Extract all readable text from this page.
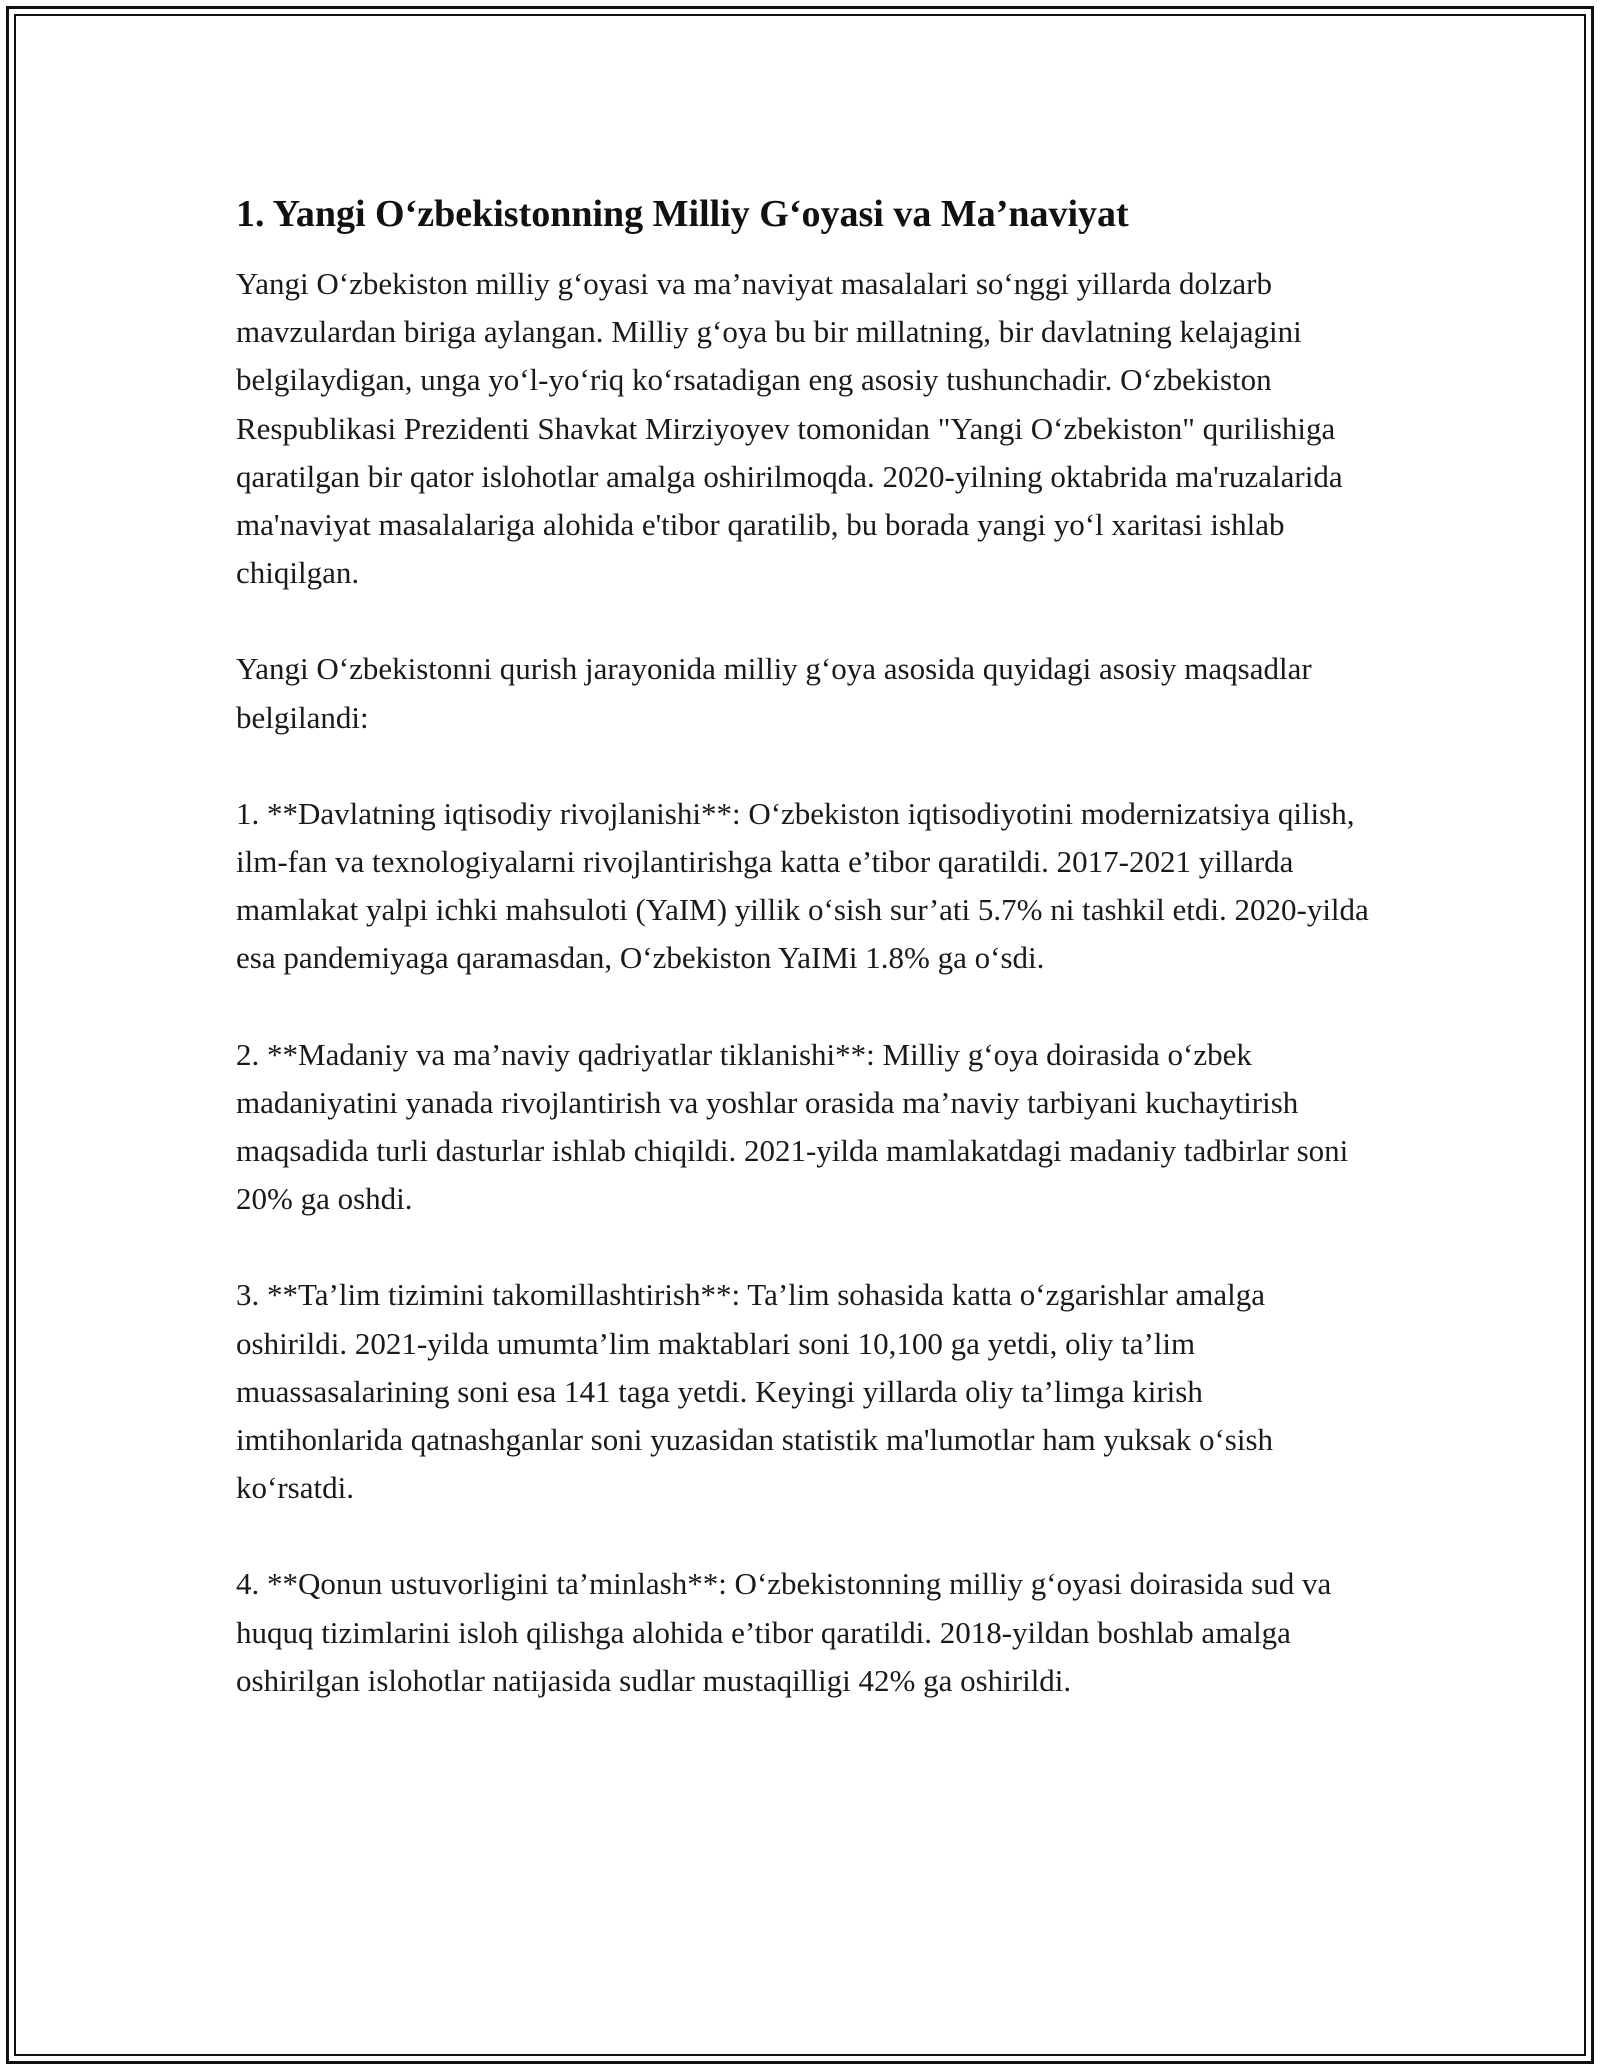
1. Yangi O‘zbekistonning Milliy G‘oyasi va Ma’naviyat

Yangi O‘zbekiston milliy g‘oyasi va ma’naviyat masalalari so‘nggi yillarda dolzarb mavzulardan biriga aylangan. Milliy g‘oya bu bir millatning, bir davlatning kelajagini belgilaydigan, unga yo‘l-yo‘riq ko‘rsatadigan eng asosiy tushunchadir. O‘zbekiston Respublikasi Prezidenti Shavkat Mirziyoyev tomonidan "Yangi O‘zbekiston" qurilishiga qaratilgan bir qator islohotlar amalga oshirilmoqda. 2020-yilning oktabrida ma'ruzalarida ma'naviyat masalalariga alohida e'tibor qaratilib, bu borada yangi yo‘l xaritasi ishlab chiqilgan.

Yangi O‘zbekistonni qurish jarayonida milliy g‘oya asosida quyidagi asosiy maqsadlar belgilandi:

1. **Davlatning iqtisodiy rivojlanishi**: O‘zbekiston iqtisodiyotini modernizatsiya qilish, ilm-fan va texnologiyalarni rivojlantirishga katta e’tibor qaratildi. 2017-2021 yillarda mamlakat yalpi ichki mahsuloti (YaIM) yillik o‘sish sur’ati 5.7% ni tashkil etdi. 2020-yilda esa pandemiyaga qaramasdan, O‘zbekiston YaIMi 1.8% ga o‘sdi.

2. **Madaniy va ma’naviy qadriyatlar tiklanishi**: Milliy g‘oya doirasida o‘zbek madaniyatini yanada rivojlantirish va yoshlar orasida ma’naviy tarbiyani kuchaytirish maqsadida turli dasturlar ishlab chiqildi. 2021-yilda mamlakatdagi madaniy tadbirlar soni 20% ga oshdi.

3. **Ta’lim tizimini takomillashtirish**: Ta’lim sohasida katta o‘zgarishlar amalga oshirildi. 2021-yilda umumta’lim maktablari soni 10,100 ga yetdi, oliy ta’lim muassasalarining soni esa 141 taga yetdi. Keyingi yillarda oliy ta’limga kirish imtihonlarida qatnashganlar soni yuzasidan statistik ma'lumotlar ham yuksak o‘sish ko‘rsatdi.

4. **Qonun ustuvorligini ta’minlash**: O‘zbekistonning milliy g‘oyasi doirasida sud va huquq tizimlarini isloh qilishga alohida e’tibor qaratildi. 2018-yildan boshlab amalga oshirilgan islohotlar natijasida sudlar mustaqilligi 42% ga oshirildi.
